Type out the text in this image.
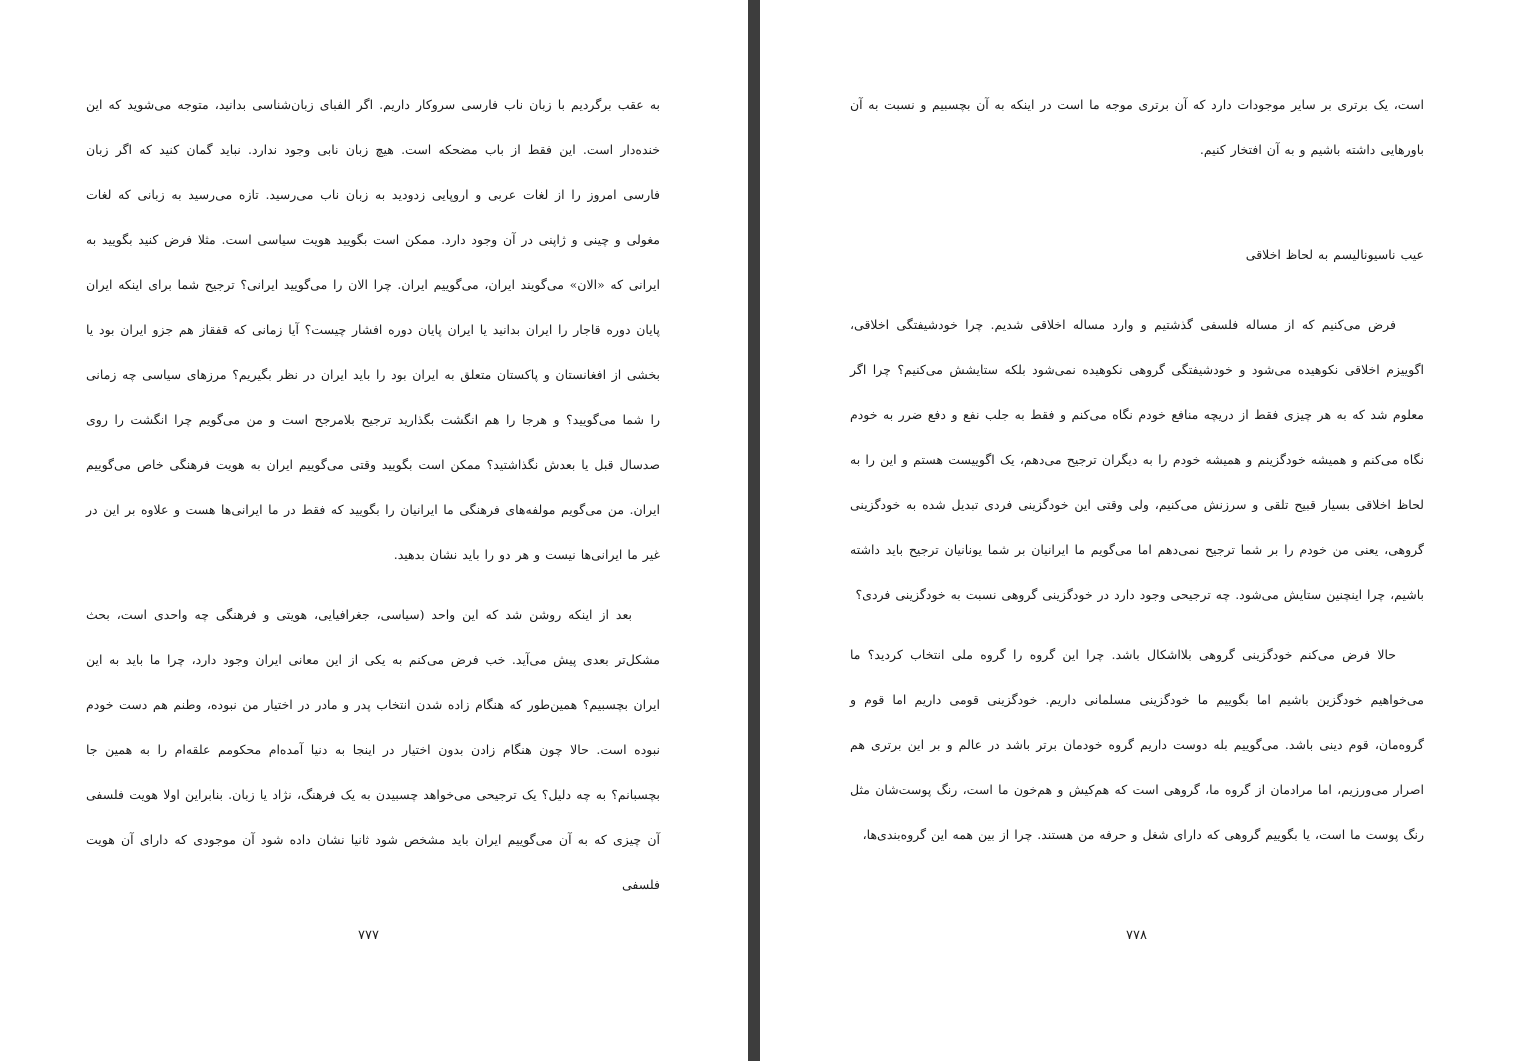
به عقب برگردیم با زبان ناب فارسی سروکار داریم. اگر الفبای زبان‌شناسی بدانید، متوجه می‌شوید که این خنده‌دار است. این فقط از باب مضحکه است. هیچ زبان نابی وجود ندارد. نباید گمان کنید که اگر زبان فارسی امروز را از لغات عربی و اروپایی زدودید به زبان ناب می‌رسید. تازه می‌رسید به زبانی که لغات مغولی و چینی و ژاپنی در آن وجود دارد. ممکن است بگویید هویت سیاسی است. مثلا فرض کنید بگویید به ایرانی که «الان» می‌گویند ایران، می‌گوییم ایران. چرا الان را می‌گویید ایرانی؟ ترجیح شما برای اینکه ایران پایان دوره قاجار را ایران بدانید یا ایران پایان دوره افشار چیست؟ آیا زمانی که قفقاز هم جزو ایران بود یا بخشی از افغانستان و پاکستان متعلق به ایران بود را باید ایران در نظر بگیریم؟ مرزهای سیاسی چه زمانی را شما می‌گویید؟ و هرجا را هم انگشت بگذارید ترجیح بلامرجح است و من می‌گویم چرا انگشت را روی صدسال قبل یا بعدش نگذاشتید؟ ممکن است بگویید وقتی می‌گوییم ایران به هویت فرهنگی خاص می‌گوییم ایران. من می‌گویم مولفه‌های فرهنگی ما ایرانیان را بگویید که فقط در ما ایرانی‌ها هست و علاوه بر این در غیر ما ایرانی‌ها نیست و هر دو را باید نشان بدهید.

بعد از اینکه روشن شد که این واحد (سیاسی، جغرافیایی، هویتی و فرهنگی چه واحدی است، بحث مشکل‌تر بعدی پیش می‌آید. خب فرض می‌کنم به یکی از این معانی ایران وجود دارد، چرا ما باید به این ایران بچسبیم؟ همین‌طور که هنگام زاده شدن انتخاب پدر و مادر در اختیار من نبوده، وطنم هم دست خودم نبوده است. حالا چون هنگام زادن بدون اختیار در اینجا به دنیا آمده‌ام محکومم علقه‌ام را به همین جا بچسبانم؟ به چه دلیل؟ یک ترجیحی می‌خواهد چسبیدن به یک فرهنگ، نژاد یا زبان. بنابراین اولا هویت فلسفی آن چیزی که به آن می‌گوییم ایران باید مشخص شود ثانیا نشان داده شود آن موجودی که دارای آن هویت فلسفی

۷۷۷

است، یک برتری بر سایر موجودات دارد که آن برتری موجه ما است در اینکه به آن بچسبیم و نسبت به آن باورهایی داشته باشیم و به آن افتخار کنیم.

عیب ناسیونالیسم به لحاظ اخلاقی

فرض می‌کنیم که از مساله فلسفی گذشتیم و وارد مساله اخلاقی شدیم. چرا خودشیفتگی اخلاقی، اگوییزم اخلاقی نکوهیده می‌شود و خودشیفتگی گروهی نکوهیده نمی‌شود بلکه ستایشش می‌کنیم؟ چرا اگر معلوم شد که به هر چیزی فقط از دریچه منافع خودم نگاه می‌کنم و فقط به جلب نفع و دفع ضرر به خودم نگاه می‌کنم و همیشه خودگزینم و همیشه خودم را به دیگران ترجیح می‌دهم، یک اگوییست هستم و این را به لحاظ اخلاقی بسیار قبیح تلقی و سرزنش می‌کنیم، ولی وقتی این خودگزینی فردی تبدیل شده به خودگزینی گروهی، یعنی من خودم را بر شما ترجیح نمی‌دهم اما می‌گویم ما ایرانیان بر شما یونانیان ترجیح باید داشته باشیم، چرا اینچنین ستایش می‌شود. چه ترجیحی وجود دارد در خودگزینی گروهی نسبت به خودگزینی فردی؟

حالا فرض می‌کنم خودگزینی گروهی بلااشکال باشد. چرا این گروه را گروه ملی انتخاب کردید؟ ما می‌خواهیم خودگزین باشیم اما بگوییم ما خودگزینی مسلمانی داریم. خودگزینی قومی داریم اما قوم و گروه‌مان، قوم دینی باشد. می‌گوییم بله دوست داریم گروه خودمان برتر باشد در عالم و بر این برتری هم اصرار می‌ورزیم، اما مرادمان از گروه ما، گروهی است که هم‌کیش و هم‌خون ما است، رنگ پوست‌شان مثل رنگ پوست ما است، یا بگوییم گروهی که دارای شغل و حرفه من هستند. چرا از بین همه این گروه‌بندی‌ها،

۷۷۸
